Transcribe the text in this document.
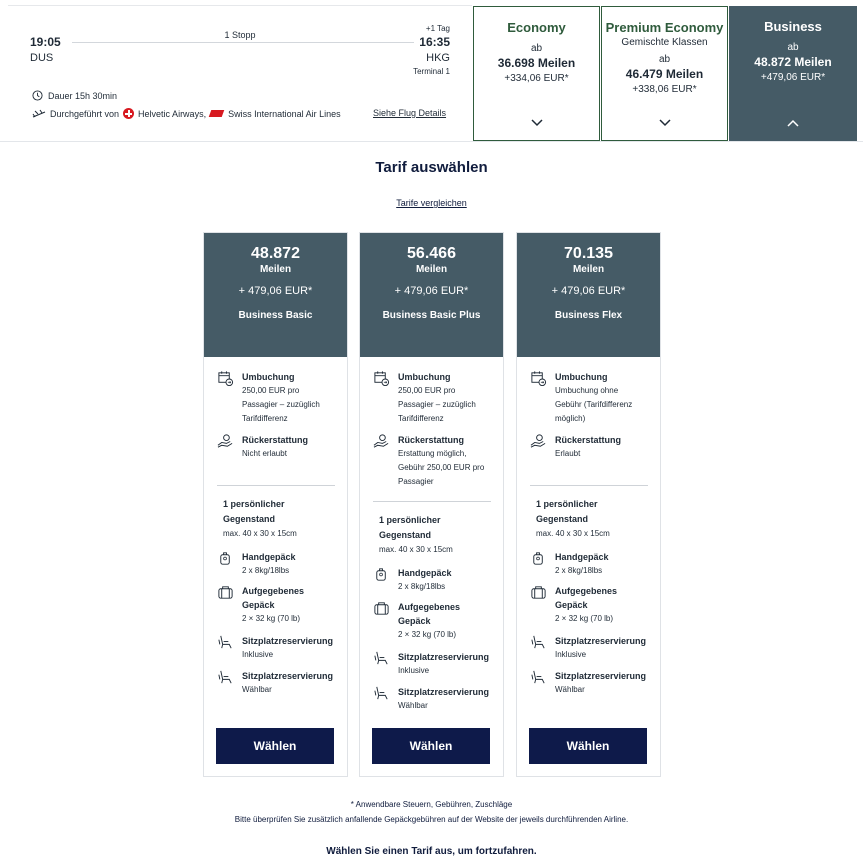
19:05
DUS
1 Stopp
+1 Tag
16:35
HKG
Terminal 1
Dauer 15h 30min
Durchgeführt von Helvetic Airways, Swiss International Air Lines	Siehe Flug Details
Economy
ab
36.698 Meilen
+334,06 EUR*
Premium Economy
Gemischte Klassen
ab
46.479 Meilen
+338,06 EUR*
Business
ab
48.872 Meilen
+479,06 EUR*
Tarif auswählen
Tarife vergleichen
48.872
Meilen
+ 479,06 EUR*
Business Basic
Umbuchung
250,00 EUR pro
Passagier – zuzüglich
Tarifdifferenz
Rückerstattung
Nicht erlaubt
1 persönlicher
Gegenstand
max. 40 x 30 x 15cm
Handgepäck
2 x 8kg/18lbs
Aufgegebenes
Gepäck
2 × 32 kg (70 lb)
Sitzplatzreservierung
Inklusive
Sitzplatzreservierung
Wählbar
Wählen
56.466
Meilen
+ 479,06 EUR*
Business Basic Plus
Umbuchung
250,00 EUR pro
Passagier – zuzüglich
Tarifdifferenz
Rückerstattung
Erstattung möglich,
Gebühr 250,00 EUR pro
Passagier
1 persönlicher
Gegenstand
max. 40 x 30 x 15cm
Handgepäck
2 x 8kg/18lbs
Aufgegebenes
Gepäck
2 × 32 kg (70 lb)
Sitzplatzreservierung
Inklusive
Sitzplatzreservierung
Wählbar
Wählen
70.135
Meilen
+ 479,06 EUR*
Business Flex
Umbuchung
Umbuchung ohne
Gebühr (Tarifdifferenz
möglich)
Rückerstattung
Erlaubt
1 persönlicher
Gegenstand
max. 40 x 30 x 15cm
Handgepäck
2 x 8kg/18lbs
Aufgegebenes
Gepäck
2 × 32 kg (70 lb)
Sitzplatzreservierung
Inklusive
Sitzplatzreservierung
Wählbar
Wählen
* Anwendbare Steuern, Gebühren, Zuschläge
Bitte überprüfen Sie zusätzlich anfallende Gepäckgebühren auf der Website der jeweils durchführenden Airline.
Wählen Sie einen Tarif aus, um fortzufahren.
